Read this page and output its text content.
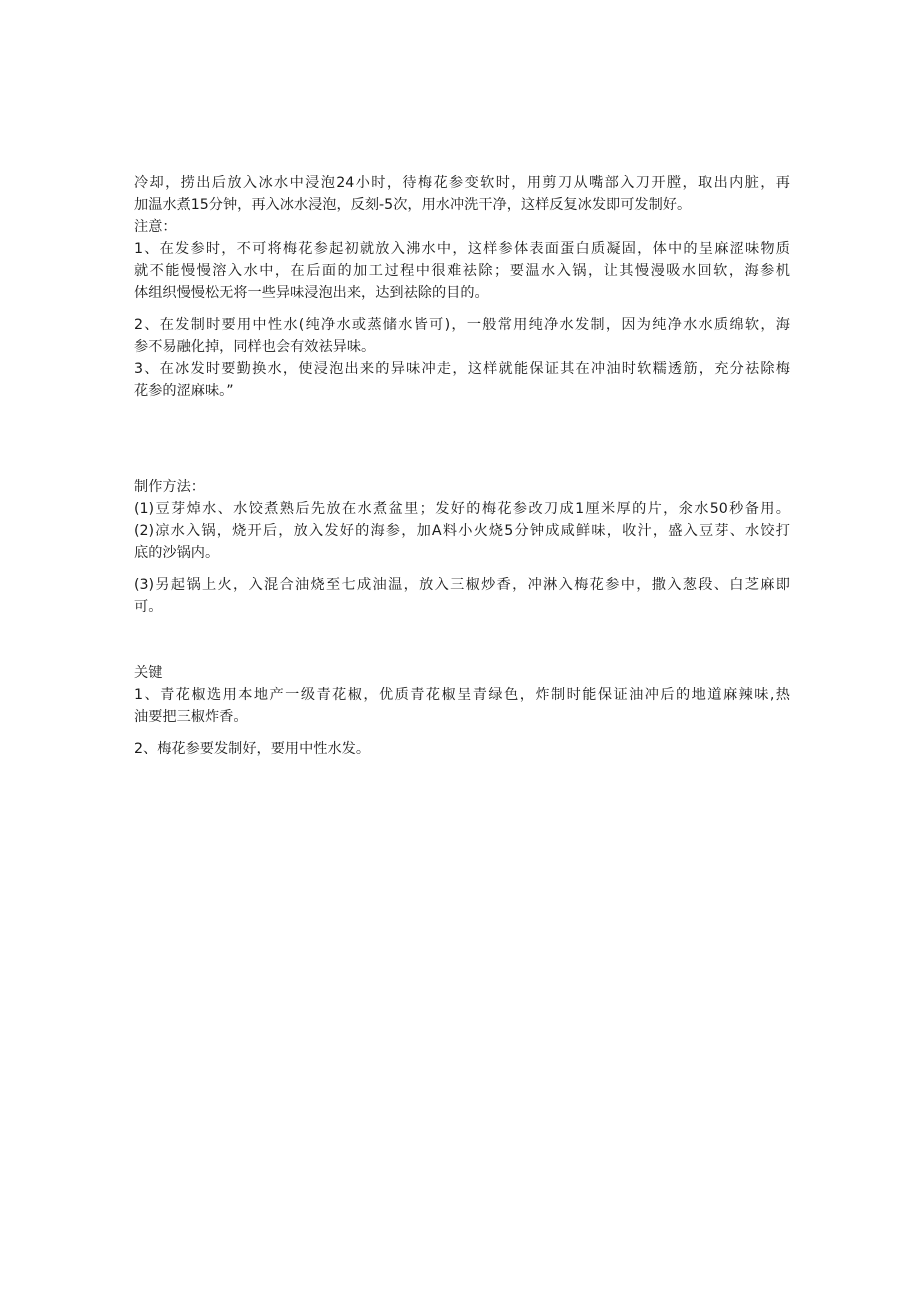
冷却，捞出后放入冰水中浸泡24小时，待梅花参变软时，用剪刀从嘴部入刀开膛，取出内脏，再
加温水煮15分钟，再入冰水浸泡，反刻-5次，用水冲洗干净，这样反复冰发即可发制好。
注意：
1、在发参时，不可将梅花参起初就放入沸水中，这样参体表面蛋白质凝固，体中的呈麻涩味物质
就不能慢慢溶入水中，在后面的加工过程中很难祛除；要温水入锅，让其慢漫吸水回软，海参机
体组织慢慢松无将一些异味浸泡出来，达到祛除的目的。
2、在发制时要用中性水(纯净水或蒸储水皆可)，一般常用纯净水发制，因为纯净水水质绵软，海
参不易融化掉，同样也会有效祛异味。
3、在冰发时要勤换水，使浸泡出来的异味冲走，这样就能保证其在冲油时软糯透筋，充分祛除梅
花参的涩麻味。”
制作方法：
(1)豆芽焯水、水饺煮熟后先放在水煮盆里；发好的梅花参改刀成1厘米厚的片，氽水50秒备用。
(2)凉水入锅，烧开后，放入发好的海参，加A料小火烧5分钟成咸鲜味，收汁，盛入豆芽、水饺打
底的沙锅内。
(3)另起锅上火，入混合油烧至七成油温，放入三椒炒香，冲淋入梅花参中，撒入葱段、白芝麻即
可。
关键
1、青花椒选用本地产一级青花椒，优质青花椒呈青绿色，炸制时能保证油冲后的地道麻辣味,热
油要把三椒炸香。
2、梅花参要发制好，要用中性水发。
